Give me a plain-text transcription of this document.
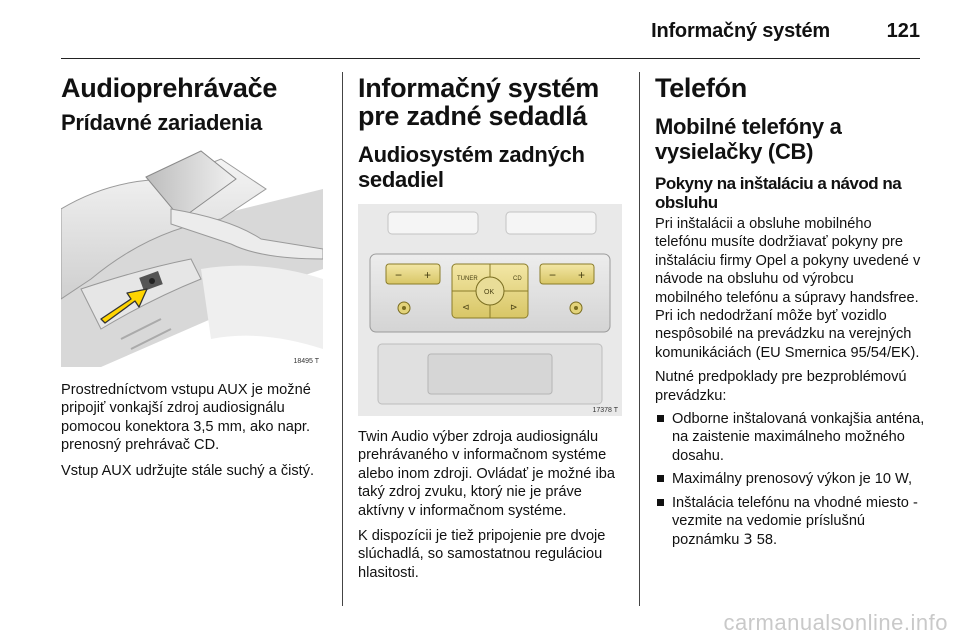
Informačný systém	121
Audioprehrávače
Prídavné zariadenia
18495 T

Prostredníctvom vstupu AUX je možné pripojiť vonkajší zdroj audiosignálu pomocou konektora 3,5 mm, ako napr. prenosný prehrávač CD.

Vstup AUX udržujte stále suchý a čistý.

Informačný systém pre zadné sedadlá
Audiosystém zadných sedadiel
− +	− +
OK
TUNER	CD
⊲	⊳
17378 T

Twin Audio výber zdroja audiosignálu prehrávaného v informačnom systéme alebo inom zdroji. Ovládať je možné iba taký zdroj zvuku, ktorý nie je práve aktívny v informačnom systéme.

K dispozícii je tiež pripojenie pre dvoje slúchadlá, so samostatnou reguláciou hlasitosti.

Telefón
Mobilné telefóny a vysielačky (CB)
Pokyny na inštaláciu a návod na obsluhu

Pri inštalácii a obsluhe mobilného telefónu musíte dodržiavať pokyny pre inštaláciu firmy Opel a pokyny uvedené v návode na obsluhu od výrobcu mobilného telefónu a súpravy handsfree. Pri ich nedodržaní môže byť vozidlo nespôsobilé na prevádzku na verejných komunikáciách (EU Smernica 95/54/EK).

Nutné predpoklady pre bezproblémovú prevádzku:

Odborne inštalovaná vonkajšia anténa, na zaistenie maximálneho možného dosahu.
Maximálny prenosový výkon je 10 W,
Inštalácia telefónu na vhodné miesto - vezmite na vedomie príslušnú poznámku 3 58.
carmanualsonline.info
